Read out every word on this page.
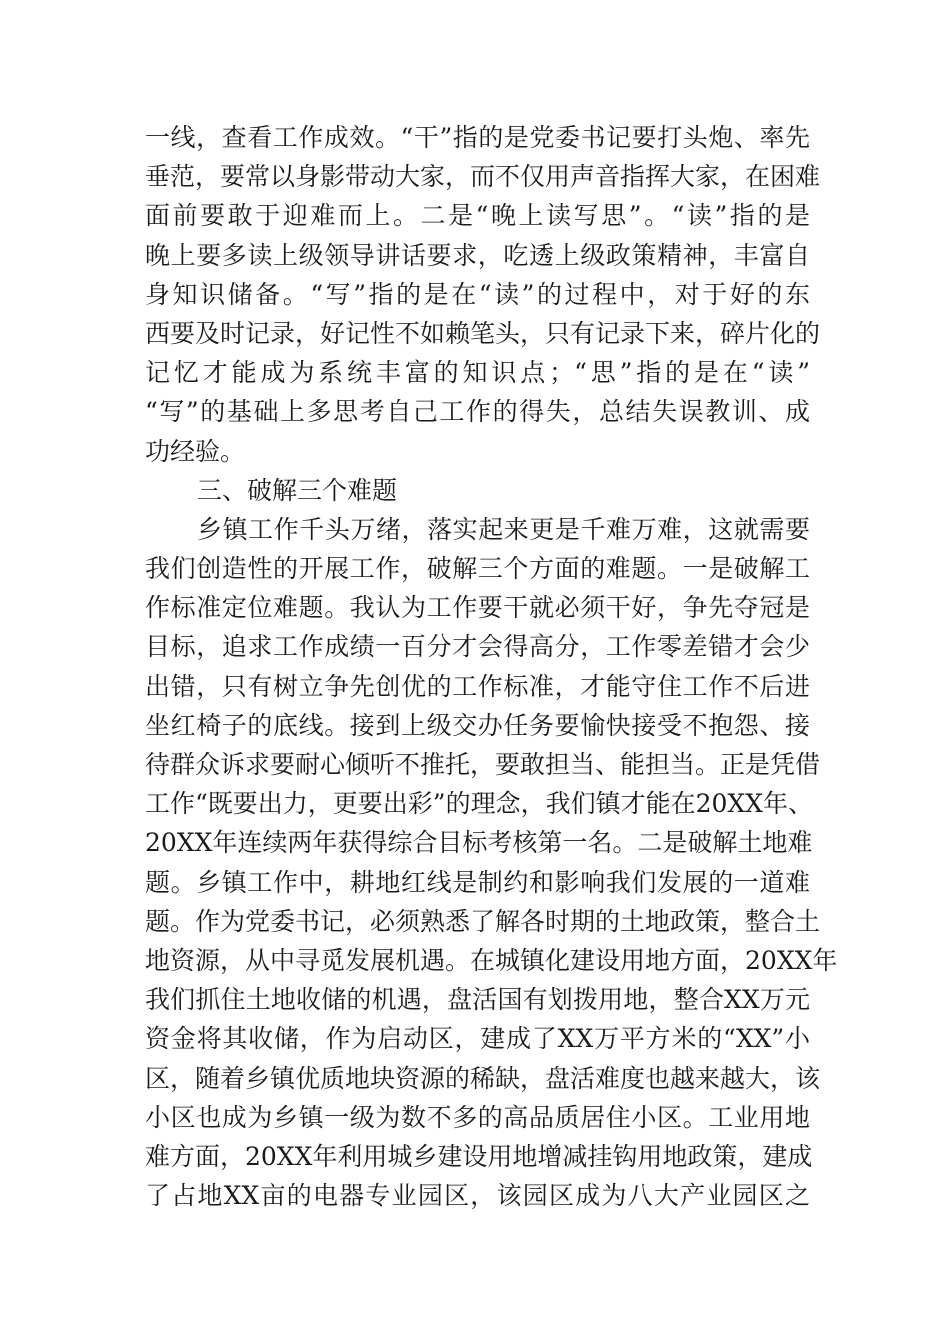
一线，查看工作成效。“干”指的是党委书记要打头炮、率先
垂范，要常以身影带动大家，而不仅用声音指挥大家，在困难
面前要敢于迎难而上。二是“晚上读写思”。“读”指的是
晚上要多读上级领导讲话要求，吃透上级政策精神，丰富自
身知识储备。“写”指的是在“读”的过程中，对于好的东
西要及时记录，好记性不如赖笔头，只有记录下来，碎片化的
记忆才能成为系统丰富的知识点；“思”指的是在“读”
“写”的基础上多思考自己工作的得失，总结失误教训、成
功经验。
三、破解三个难题
乡镇工作千头万绪，落实起来更是千难万难，这就需要
我们创造性的开展工作，破解三个方面的难题。一是破解工
作标准定位难题。我认为工作要干就必须干好，争先夺冠是
目标，追求工作成绩一百分才会得高分，工作零差错才会少
出错，只有树立争先创优的工作标准，才能守住工作不后进
坐红椅子的底线。接到上级交办任务要愉快接受不抱怨、接
待群众诉求要耐心倾听不推托，要敢担当、能担当。正是凭借
工作“既要出力，更要出彩”的理念，我们镇才能在20XX年、
20XX年连续两年获得综合目标考核第一名。二是破解土地难
题。乡镇工作中，耕地红线是制约和影响我们发展的一道难
题。作为党委书记，必须熟悉了解各时期的土地政策，整合土
地资源，从中寻觅发展机遇。在城镇化建设用地方面，20XX年
我们抓住土地收储的机遇，盘活国有划拨用地，整合XX万元
资金将其收储，作为启动区，建成了XX万平方米的“XX”小
区，随着乡镇优质地块资源的稀缺，盘活难度也越来越大，该
小区也成为乡镇一级为数不多的高品质居住小区。工业用地
难方面，20XX年利用城乡建设用地增减挂钩用地政策，建成
了占地XX亩的电器专业园区，该园区成为八大产业园区之
